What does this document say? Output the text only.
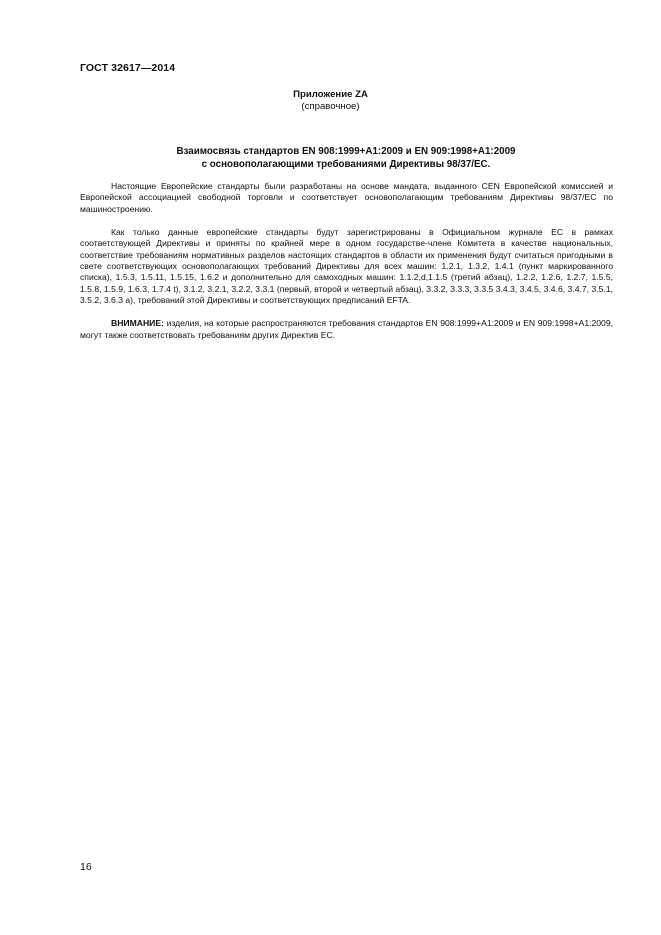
ГОСТ 32617—2014
Приложение ZA
(справочное)
Взаимосвязь стандартов EN 908:1999+A1:2009 и EN 909:1998+A1:2009
с основополагающими требованиями Директивы 98/37/ЕС.

Настоящие Европейские стандарты были разработаны на основе мандата, выданного CEN Европейской комиссией и Европейской ассоциацией свободной торговли и соответствует основополагающим требованиям Директивы 98/37/ЕС по машиностроению.

Как только данные европейские стандарты будут зарегистрированы в Официальном журнале ЕС в рамках соответствующей Директивы и приняты по крайней мере в одном государстве-члене Комитета в качестве национальных, соответствие требованиям нормативных разделов настоящих стандартов в области их применения будут считаться пригодными в свете соответствующих основополагающих требований Директивы для всех машин: 1.2.1, 1.3.2, 1.4.1 (пункт маркированного списка), 1.5.3, 1.5.11, 1.5.15, 1.6.2 и дополнительно для самоходных машин: 1.1.2,d,1.1.5 (третий абзац), 1.2.2, 1.2.6, 1.2.7, 1.5.5, 1.5.8, 1.5.9, 1.6.3, 1.7.4 t), 3.1.2, 3.2.1, 3.2.2, 3.3.1 (первый, второй и четвертый абзац), 3.3.2, 3.3.3, 3.3.5 3.4.3, 3.4.5, 3.4.6, 3.4.7, 3.5.1, 3.5.2, 3.6.3 a), требований этой Директивы и соответствующих предписаний EFTA.

ВНИМАНИЕ: изделия, на которые распространяются требования стандартов EN 908:1999+A1:2009 и EN 909:1998+A1:2009, могут также соответствовать требованиям других Директив ЕС.

16
